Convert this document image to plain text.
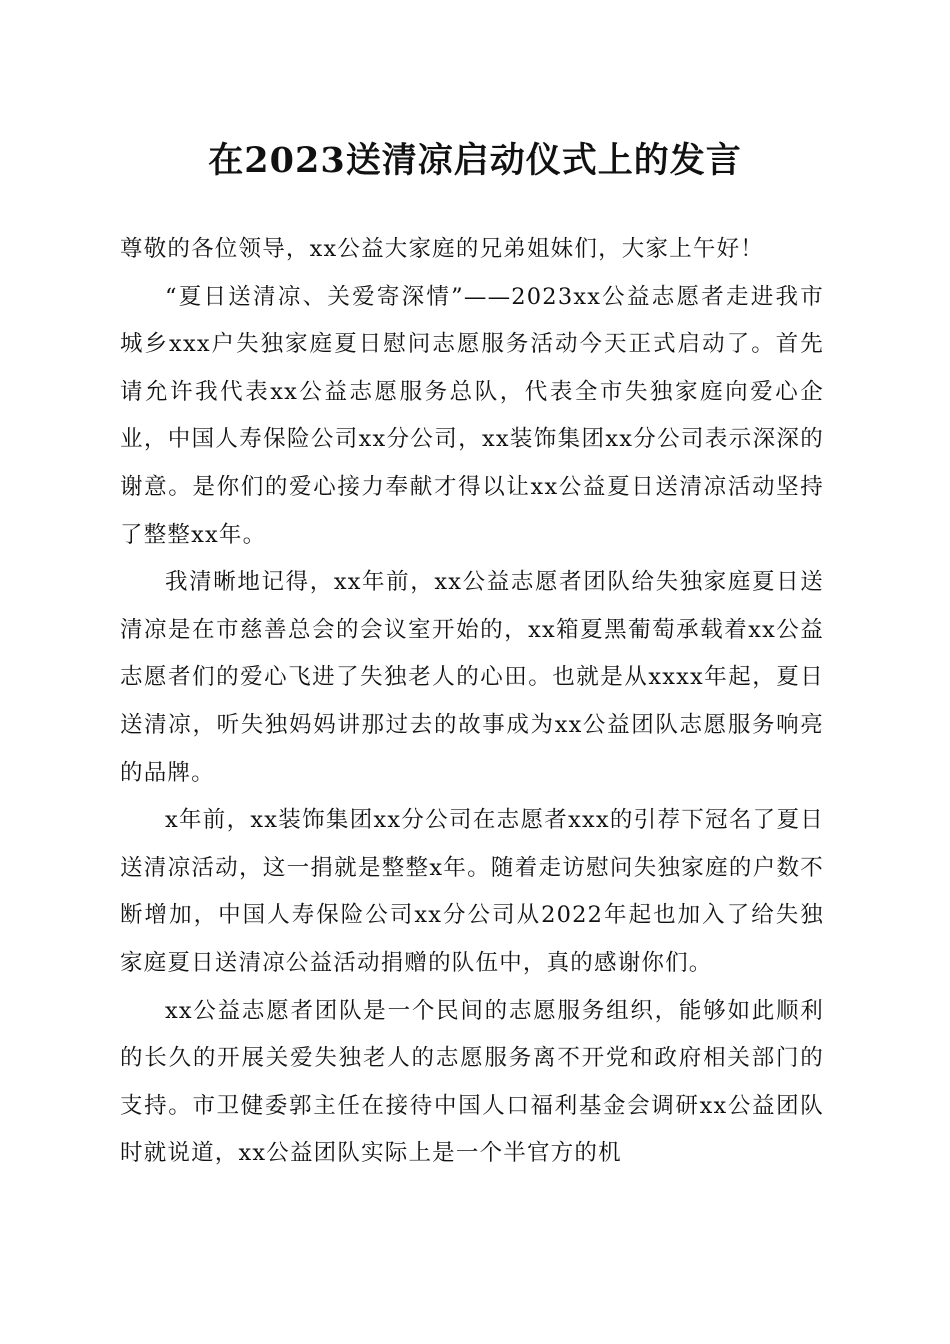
在2023送清凉启动仪式上的发言

尊敬的各位领导，xx公益大家庭的兄弟姐妹们，大家上午好！

“夏日送清凉、关爱寄深情”——2023xx公益志愿者走进我市城乡xxx户失独家庭夏日慰问志愿服务活动今天正式启动了。首先请允许我代表xx公益志愿服务总队，代表全市失独家庭向爱心企业，中国人寿保险公司xx分公司，xx装饰集团xx分公司表示深深的谢意。是你们的爱心接力奉献才得以让xx公益夏日送清凉活动坚持了整整xx年。

我清晰地记得，xx年前，xx公益志愿者团队给失独家庭夏日送清凉是在市慈善总会的会议室开始的，xx箱夏黑葡萄承载着xx公益志愿者们的爱心飞进了失独老人的心田。也就是从xxxx年起，夏日送清凉，听失独妈妈讲那过去的故事成为xx公益团队志愿服务响亮的品牌。

x年前，xx装饰集团xx分公司在志愿者xxx的引荐下冠名了夏日送清凉活动，这一捐就是整整x年。随着走访慰问失独家庭的户数不断增加，中国人寿保险公司xx分公司从2022年起也加入了给失独家庭夏日送清凉公益活动捐赠的队伍中，真的感谢你们。

xx公益志愿者团队是一个民间的志愿服务组织，能够如此顺利的长久的开展关爱失独老人的志愿服务离不开党和政府相关部门的支持。市卫健委郭主任在接待中国人口福利基金会调研xx公益团队时就说道，xx公益团队实际上是一个半官方的机
